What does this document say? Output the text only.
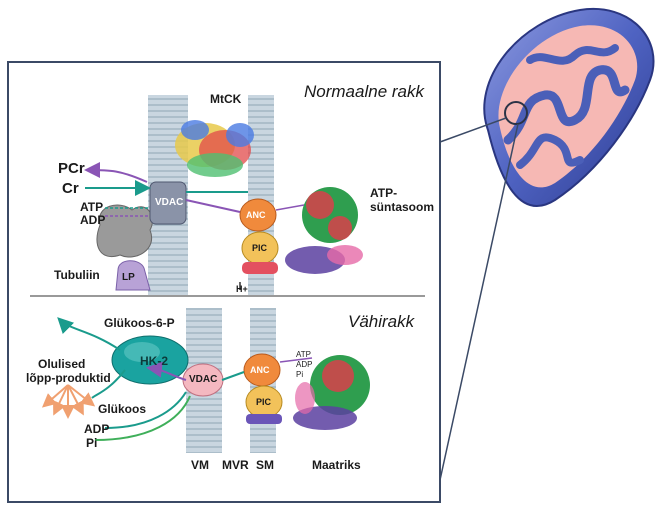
Normaalne rakk
MtCK
PCr
Cr
ATP
ADP
VDAC
Tubuliin LP
ANC
PIC
ATP-
süntasoom
H+
Vähirakk
Glükoos-6-P
Olulised
lõpp-produktid
HK-2
Glükoos
ADP
Pi
VDAC
ANC
PIC
ATP
ADP
Pi
VM MVR SM	Maatriks
